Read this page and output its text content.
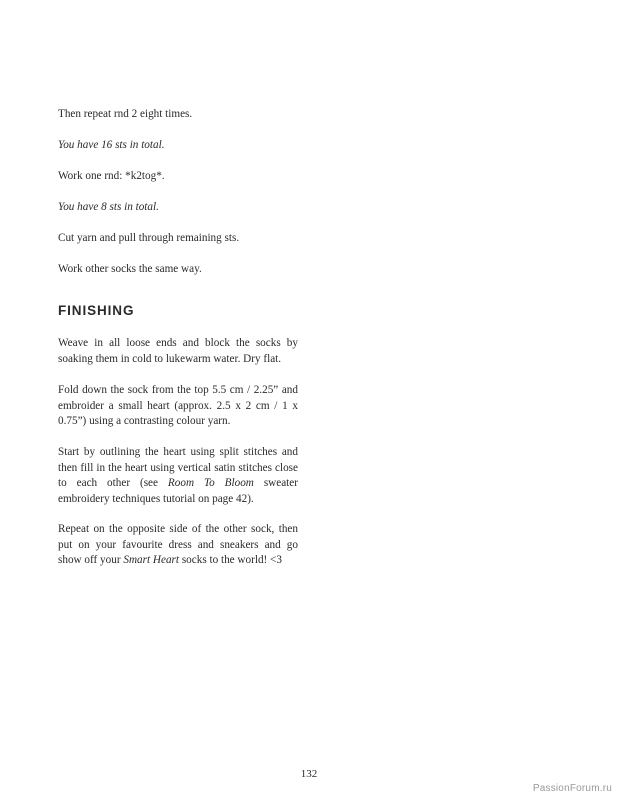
Then repeat rnd 2 eight times.

You have 16 sts in total.

Work one rnd: *k2tog*.

You have 8 sts in total.

Cut yarn and pull through remaining sts.

Work other socks the same way.

FINISHING

Weave in all loose ends and block the socks by soaking them in cold to lukewarm water. Dry flat.

Fold down the sock from the top 5.5 cm / 2.25” and embroider a small heart (approx. 2.5 x 2 cm / 1 x 0.75”) using a contrasting colour yarn.

Start by outlining the heart using split stitches and then fill in the heart using vertical satin stitches close to each other (see Room To Bloom sweater embroidery techniques tutorial on page 42).

Repeat on the opposite side of the other sock, then put on your favourite dress and sneakers and go show off your Smart Heart socks to the world! <3

132
PassionForum.ru
